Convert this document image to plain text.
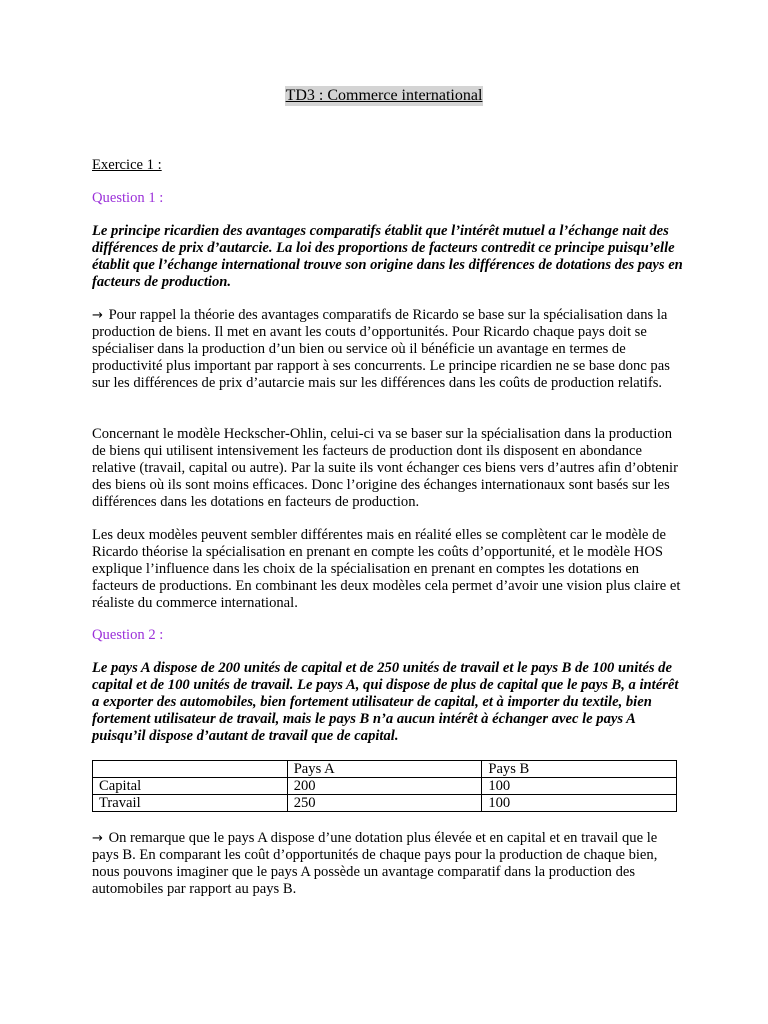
TD3 : Commerce international
Exercice 1 :
Question 1 :
Le principe ricardien des avantages comparatifs établit que l’intérêt mutuel a l’échange nait des différences de prix d’autarcie. La loi des proportions de facteurs contredit ce principe puisqu’elle établit que l’échange international trouve son origine dans les différences de dotations des pays en facteurs de production.
→ Pour rappel la théorie des avantages comparatifs de Ricardo se base sur la spécialisation dans la production de biens. Il met en avant les couts d’opportunités. Pour Ricardo chaque pays doit se spécialiser dans la production d’un bien ou service où il bénéficie un avantage en termes de productivité plus important par rapport à ses concurrents. Le principe ricardien ne se base donc pas sur les différences de prix d’autarcie mais sur les différences dans les coûts de production relatifs.
Concernant le modèle Heckscher-Ohlin, celui-ci va se baser sur la spécialisation dans la production de biens qui utilisent intensivement les facteurs de production dont ils disposent en abondance relative (travail, capital ou autre). Par la suite ils vont échanger ces biens vers d’autres afin d’obtenir des biens où ils sont moins efficaces. Donc l’origine des échanges internationaux sont basés sur les différences dans les dotations en facteurs de production.
Les deux modèles peuvent sembler différentes mais en réalité elles se complètent car le modèle de Ricardo théorise la spécialisation en prenant en compte les coûts d’opportunité, et le modèle HOS explique l’influence dans les choix de la spécialisation en prenant en comptes les dotations en facteurs de productions. En combinant les deux modèles cela permet d’avoir une vision plus claire et réaliste du commerce international.
Question 2 :
Le pays A dispose de 200 unités de capital et de 250 unités de travail et le pays B de 100 unités de capital et de 100 unités de travail. Le pays A, qui dispose de plus de capital que le pays B, a intérêt a exporter des automobiles, bien fortement utilisateur de capital, et à importer du textile, bien fortement utilisateur de travail, mais le pays B n’a aucun intérêt à échanger avec le pays A puisqu’il dispose d’autant de travail que de capital.
	Pays A	Pays B
Capital	200	100
Travail	250	100
→ On remarque que le pays A dispose d’une dotation plus élevée et en capital et en travail que le pays B. En comparant les coût d’opportunités de chaque pays pour la production de chaque bien, nous pouvons imaginer que le pays A possède un avantage comparatif dans la production des automobiles par rapport au pays B.
